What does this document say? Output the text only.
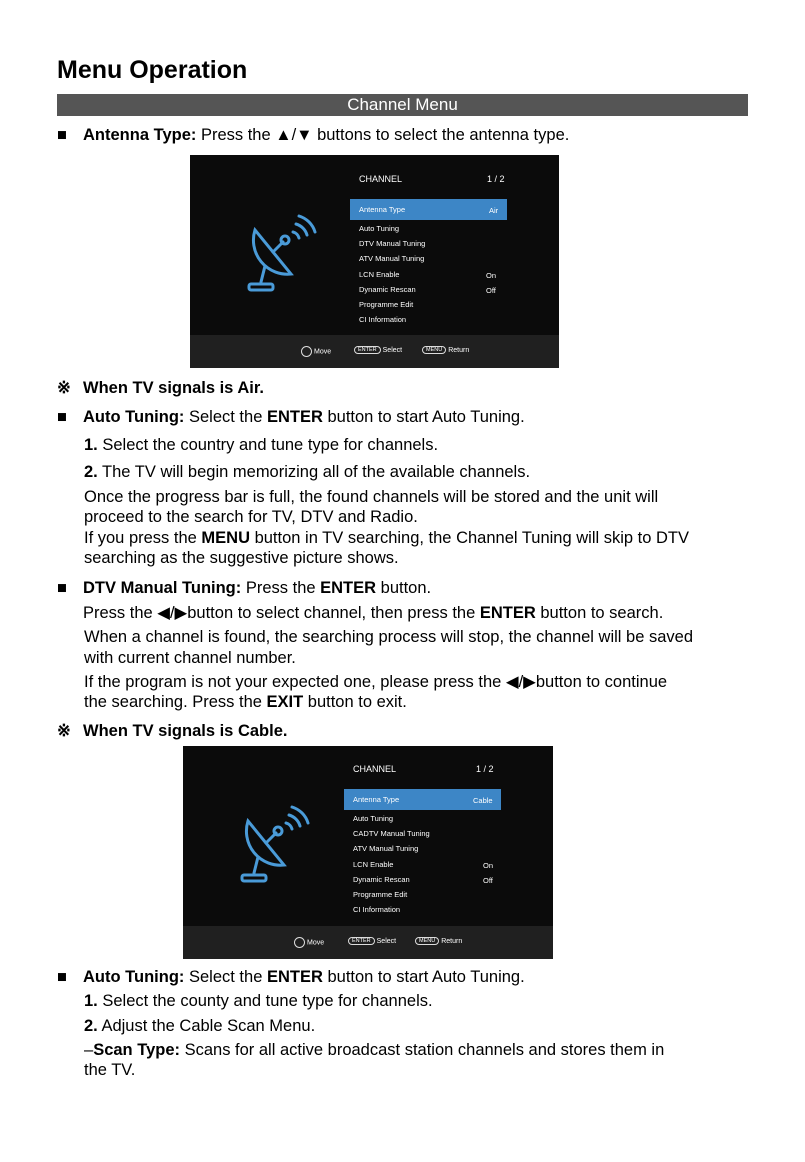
Menu Operation
Channel Menu
■ Antenna Type: Press the ▲/▼ buttons to select the antenna type.
CHANNEL	1 / 2
Antenna Type	Air
Auto Tuning
DTV Manual Tuning
ATV Manual Tuning
LCN Enable	On
Dynamic Rescan	Off
Programme Edit
CI Information
Move	ENTER Select	MENU Return
※ When TV signals is Air.
■ Auto Tuning: Select the ENTER button to start Auto Tuning.
1. Select the country and tune type for channels.
2. The TV will begin memorizing all of the available channels.
Once the progress bar is full, the found channels will be stored and the unit will
proceed to the search for TV, DTV and Radio.
If you press the MENU button in TV searching, the Channel Tuning will skip to DTV
searching as the suggestive picture shows.
■ DTV Manual Tuning: Press the ENTER button.
Press the ◀/▶button to select channel, then press the ENTER button to search.
When a channel is found, the searching process will stop, the channel will be saved
with current channel number.
If the program is not your expected one, please press the ◀/▶button to continue
the searching. Press the EXIT button to exit.
※ When TV signals is Cable.
CHANNEL	1 / 2
Antenna Type	Cable
Auto Tuning
CADTV Manual Tuning
ATV Manual Tuning
LCN Enable	On
Dynamic Rescan	Off
Programme Edit
CI Information
Move	ENTER Select	MENU Return
■ Auto Tuning: Select the ENTER button to start Auto Tuning.
1. Select the county and tune type for channels.
2. Adjust the Cable Scan Menu.
–Scan Type: Scans for all active broadcast station channels and stores them in
the TV.
